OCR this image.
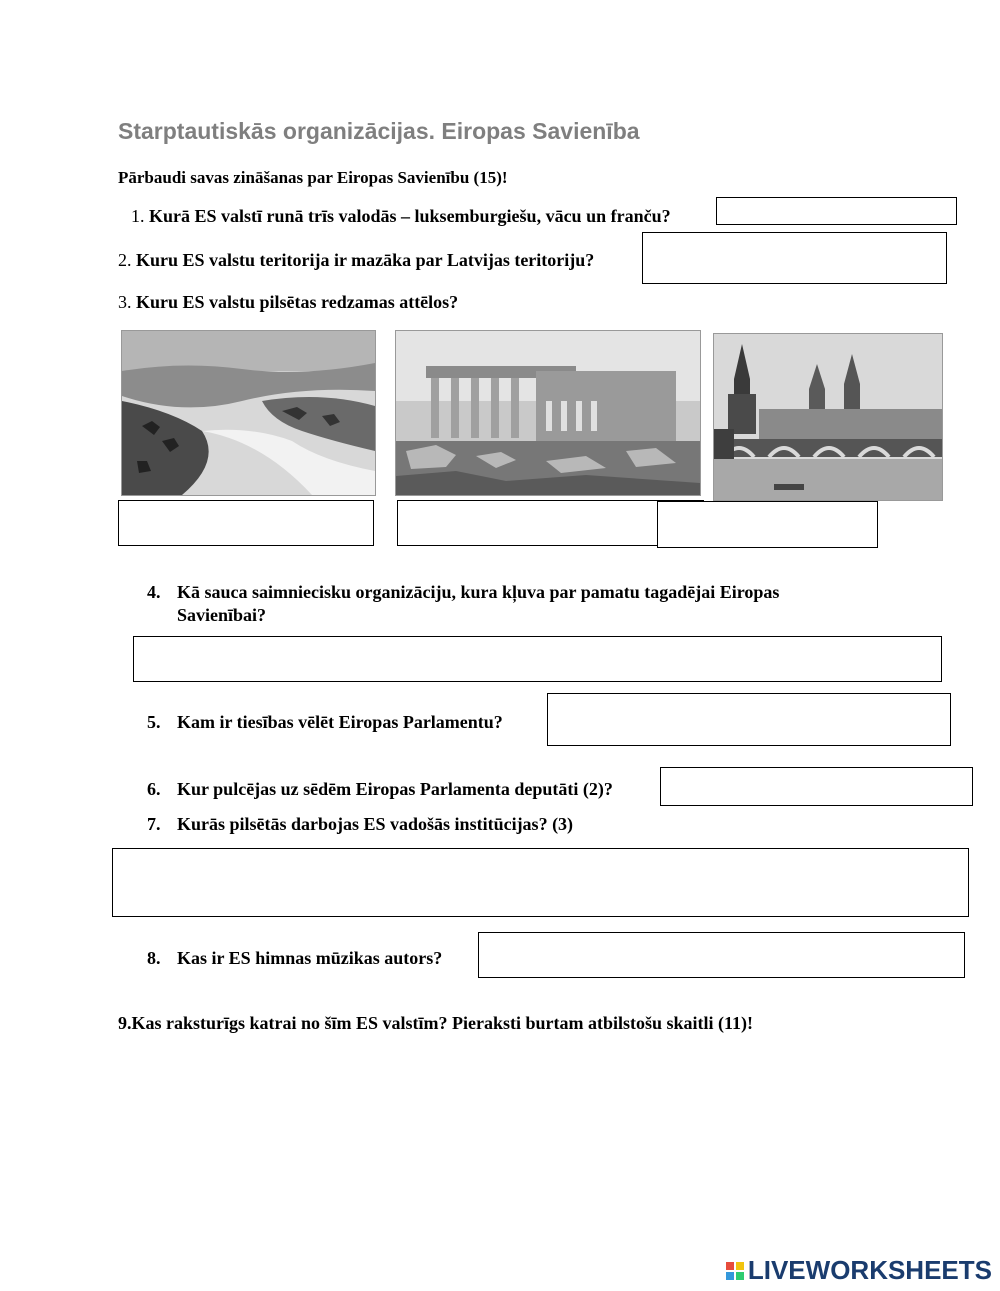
Starptautiskās organizācijas. Eiropas Savienība
Pārbaudi savas zināšanas par Eiropas Savienību (15)!
1. Kurā ES valstī runā trīs valodās – luksemburgiešu, vācu un franču?
2. Kuru ES valstu teritorija ir mazāka par Latvijas teritoriju?
3. Kuru ES valstu pilsētas redzamas attēlos?
4. Kā sauca saimniecisku organizāciju, kura kļuva par pamatu tagadējai Eiropas
Savienībai?
5. Kam ir tiesības vēlēt Eiropas Parlamentu?
6. Kur pulcējas uz sēdēm Eiropas Parlamenta deputāti (2)?
7. Kurās pilsētās darbojas ES vadošās institūcijas? (3)
8. Kas ir ES himnas mūzikas autors?
9.Kas raksturīgs katrai no šīm ES valstīm? Pieraksti burtam atbilstošu skaitli (11)!
LIVEWORKSHEETS
